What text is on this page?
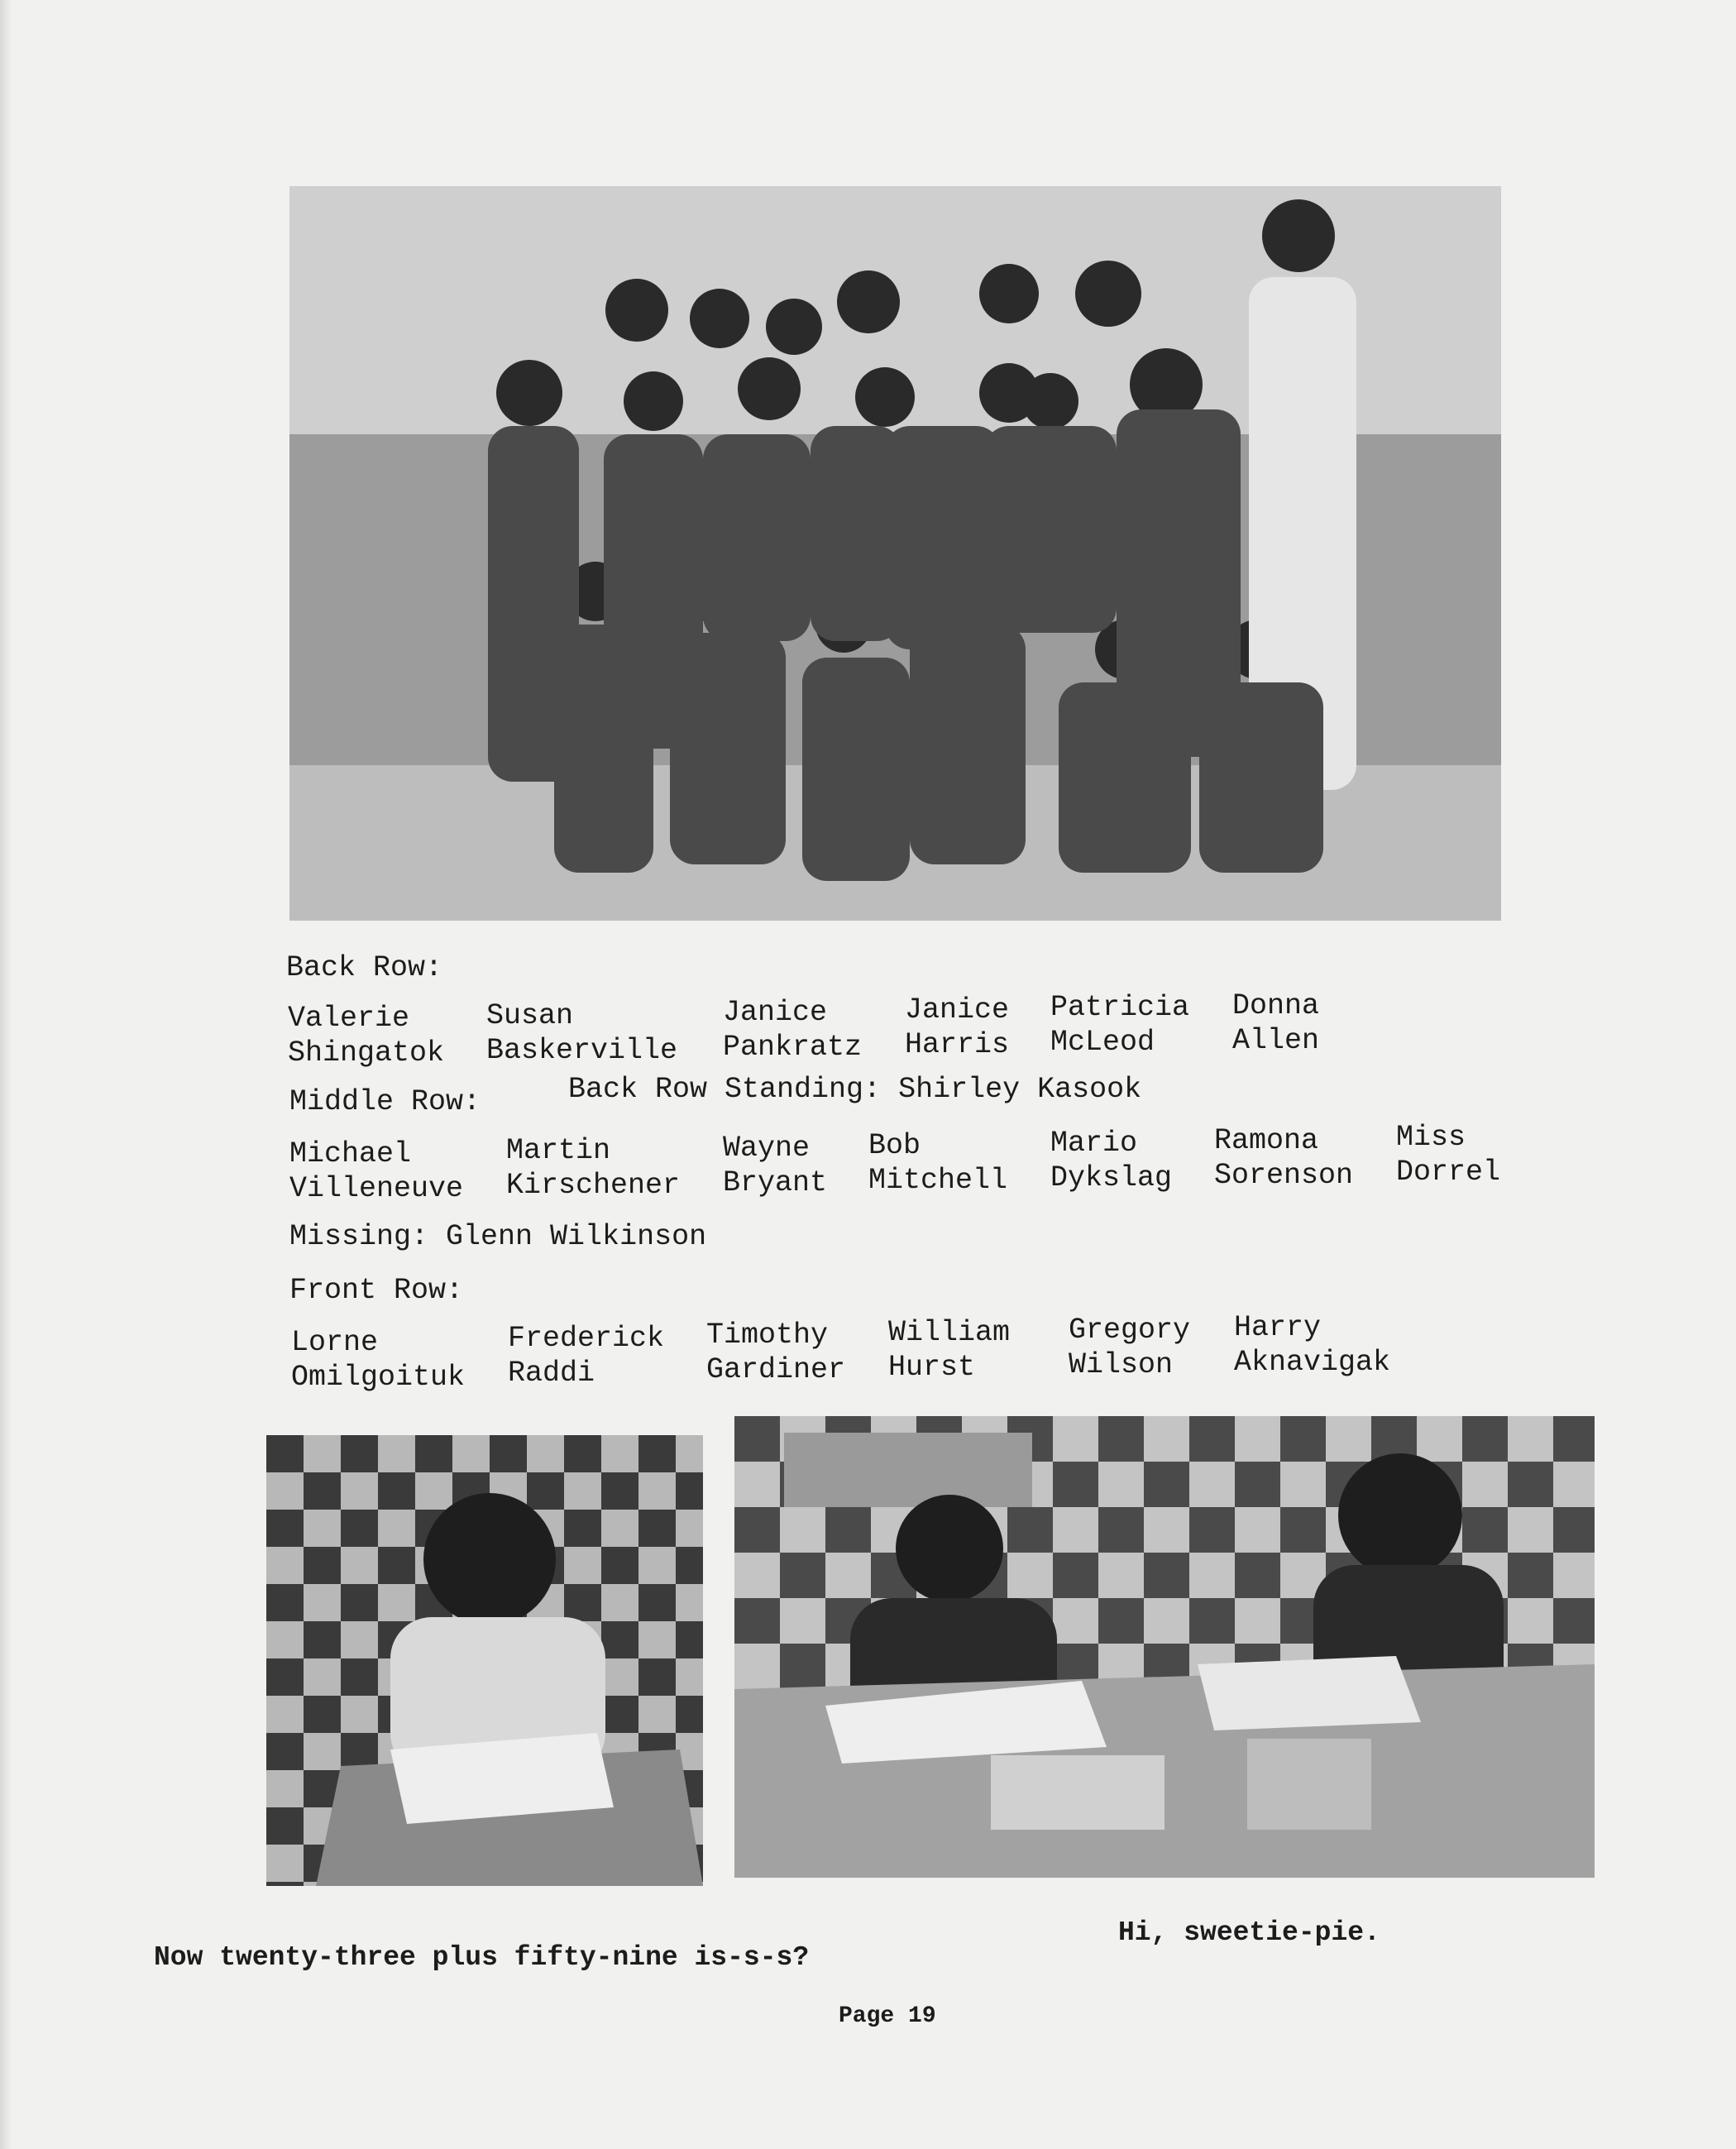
Back Row:
Valerie
Shingatok
Susan
Baskerville
Janice
Pankratz
Janice
Harris
Patricia
McLeod
Donna
Allen
Middle Row:	Back Row Standing: Shirley Kasook
Michael
Villeneuve
Martin
Kirschener
Wayne
Bryant
Bob
Mitchell
Mario
Dykslag
Ramona
Sorenson
Miss
Dorrel
Missing: Glenn Wilkinson
Front Row:
Lorne
Omilgoituk
Frederick
Raddi
Timothy
Gardiner
William
Hurst
Gregory
Wilson
Harry
Aknavigak
Now twenty-three plus fifty-nine is-s-s?
Hi, sweetie-pie.
Page 19
